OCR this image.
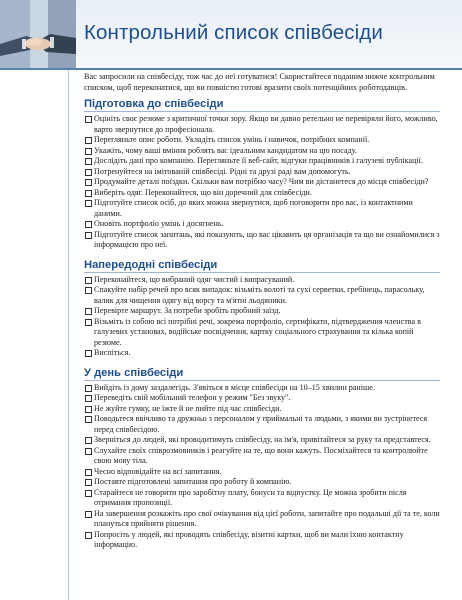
Контрольний список співбесіди

Вас запросили на співбесіду, тож час до неї готуватися! Скористайтеся поданим нижче контрольним списком, щоб переконатися, що ви повністю готові вразити своїх потенційних роботодавців.

Підготовка до співбесіди
Оцініть своє резюме з критичної точки зору. Якщо ви давно ретельно не перевіряли його, можливо, варто звернутися до професіонала.
Перегляньте опис роботи. Укладіть список умінь і навичок, потрібних компанії.
Укажіть, чому ваші вміння роблять вас ідеальним кандидатом на цю посаду.
Дослідіть дані про компанію. Перегляньте її веб-сайт, відгуки працівників і галузеві публікації.
Потренуйтеся на імітованій співбесіді. Рідні та друзі раді вам допомогуть.
Продумайте деталі поїздки. Скільки вам потрібно часу? Чим ви дістанетеся до місця співбесіди?
Виберіть одяг. Переконайтеся, що він доречний для співбесіди.
Підготуйте список осіб, до яких можна звернутися, щоб поговорити про вас, із контактними даними.
Оновіть портфоліо умінь і досягнень.
Підготуйте список запитань, які показують, що вас цікавить ця організація та що ви ознайомилися з інформацією про неї.
Напередодні співбесіди
Переконайтеся, що вибраний одяг чистий і випрасуваний.
Спакуйте набір речей про всяк випадок: візьміть волоті та сухі серветки, гребінець, парасольку, валик для чищення одягу від ворсу та м'ятні льодяники.
Перевірте маршрут. За потреби зробіть пробний заїзд.
Візьміть із собою всі потрібні речі, зокрема портфоліо, сертифікати, підтвердження членства в галузевих установах, водійське посвідчення, картку соціального страхування та кілька копій резюме.
Виспіться.
У день співбесіди
Вийдіть із дому заздалегідь. З'явіться в місце співбесіди на 10–15 хвилин раніше.
Переведіть свій мобільний телефон у режим "Без звуку".
Не жуйте гумку, не їжте й не пийте під час співбесіди.
Поводьтеся ввічливо та дружньо з персоналом у приймальні та людьми, з якими ви зустрінетеся перед співбесідою.
Зверніться до людей, які проводитимуть співбесіду, на ім'я, привітайтеся за руку та представтеся.
Слухайте своїх співрозмовників і реагуйте на те, що вони кажуть. Посміхайтеся та контролюйте свою мову тіла.
Чесно відповідайте на всі запитання.
Поставте підготовлені запитання про роботу й компанію.
Старайтеся не говорити про заробітну плату, бонуси та відпустку. Це можна зробити після отримання пропозиції.
На завершення розкажіть про свої очікування від цієї роботи, запитайте про подальші дії та те, коли плануться прийняти рішення.
Попросіть у людей, які проводять співбесіду, візитні картки, щоб ви мали їхню контактну інформацію.
